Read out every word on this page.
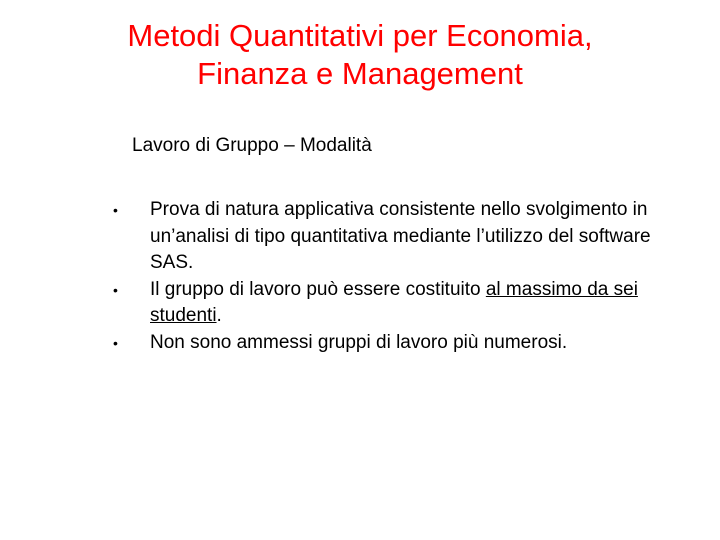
Metodi Quantitativi per Economia,
Finanza e Management

Lavoro di Gruppo – Modalità

• Prova di natura applicativa consistente nello svolgimento in un’analisi di tipo quantitativa mediante l’utilizzo del software SAS.
• Il gruppo di lavoro può essere costituito al massimo da sei studenti.
• Non sono ammessi gruppi di lavoro più numerosi.
